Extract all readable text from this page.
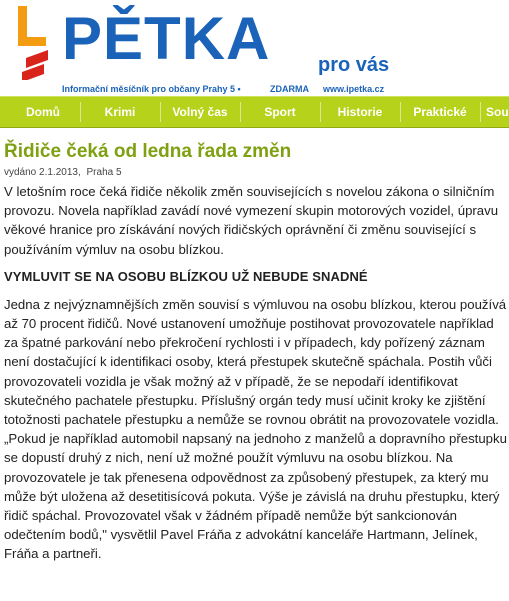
PĚTKA pro vás
Informační měsíčník pro občany Prahy 5 •	ZDARMA www.ipetka.cz
Domů	Krimi	Volný čas	Sport	Historie	Praktické	Sou
Řidiče čeká od ledna řada změn
vydáno 2.1.2013, Praha 5

V letošním roce čeká řidiče několik změn souvisejících s novelou zákona o silničním provozu. Novela například zavádí nové vymezení skupin motorových vozidel, úpravu věkové hranice pro získávání nových řidičských oprávnění či změnu související s používáním výmluv na osobu blízkou.

VYMLUVIT SE NA OSOBU BLÍZKOU UŽ NEBUDE SNADNÉ

Jedna z nejvýznamnějších změn souvisí s výmluvou na osobu blízkou, kterou používá až 70 procent řidičů. Nové ustanovení umožňuje postihovat provozovatele například za špatné parkování nebo překročení rychlosti i v případech, kdy pořízený záznam není dostačující k identifikaci osoby, která přestupek skutečně spáchala. Postih vůči provozovateli vozidla je však možný až v případě, že se nepodaří identifikovat skutečného pachatele přestupku. Příslušný orgán tedy musí učinit kroky ke zjištění totožnosti pachatele přestupku a nemůže se rovnou obrátit na provozovatele vozidla. „Pokud je například automobil napsaný na jednoho z manželů a dopravního přestupku se dopustí druhý z nich, není už možné použít výmluvu na osobu blízkou. Na provozovatele je tak přenesena odpovědnost za způsobený přestupek, za který mu může být uložena až desetitisícová pokuta. Výše je závislá na druhu přestupku, který řidič spáchal. Provozovatel však v žádném případě nemůže být sankcionován odečtením bodů," vysvětlil Pavel Fráňa z advokátní kanceláře Hartmann, Jelínek, Fráňa a partneři.
